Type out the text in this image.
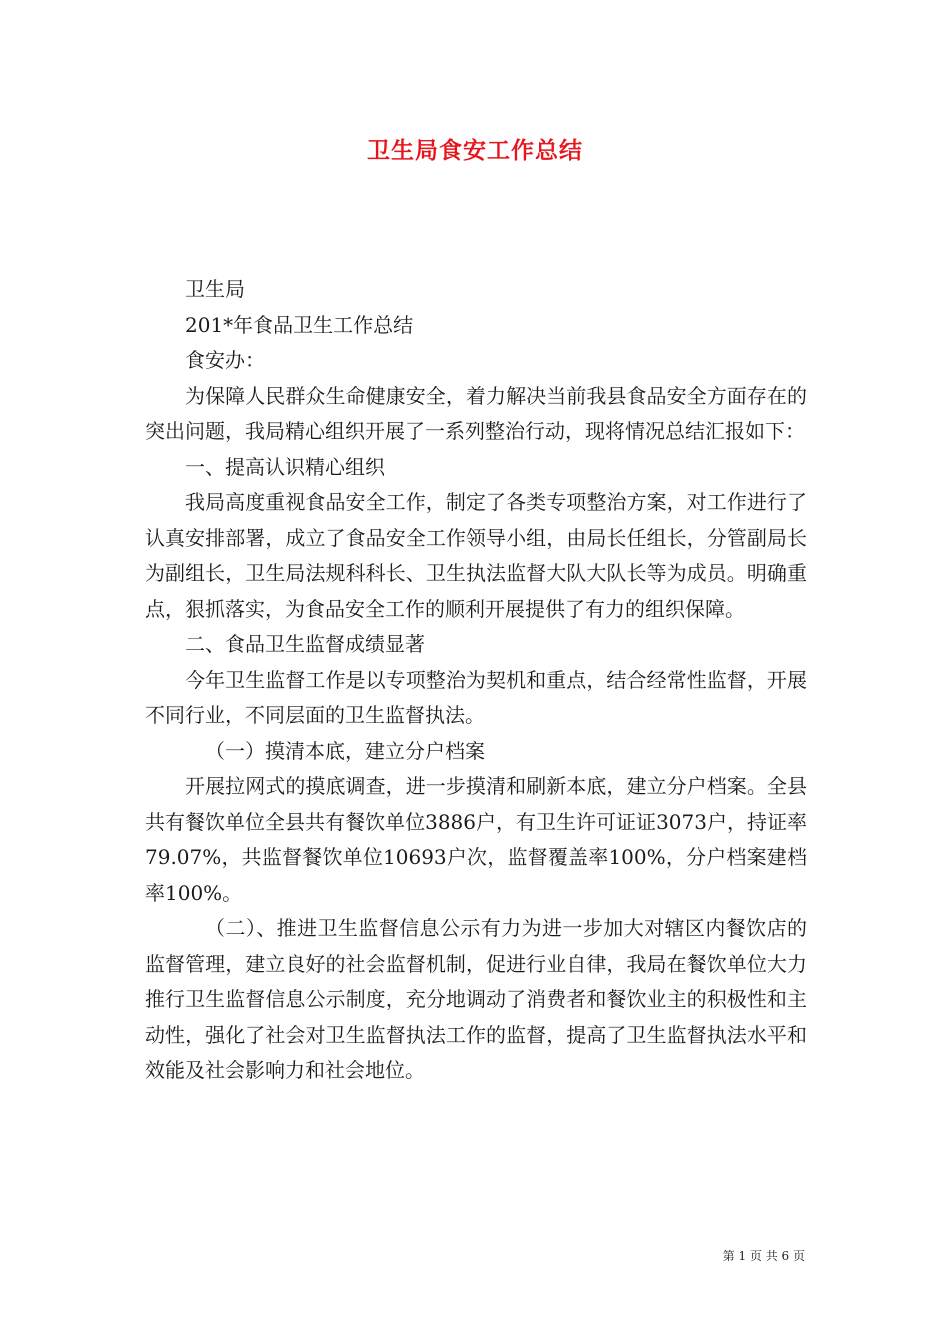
卫生局食安工作总结

卫生局

201*年食品卫生工作总结

食安办：

为保障人民群众生命健康安全，着力解决当前我县食品安全方面存在的突出问题，我局精心组织开展了一系列整治行动，现将情况总结汇报如下：

一、提高认识精心组织

我局高度重视食品安全工作，制定了各类专项整治方案，对工作进行了认真安排部署，成立了食品安全工作领导小组，由局长任组长，分管副局长为副组长，卫生局法规科科长、卫生执法监督大队大队长等为成员。明确重点，狠抓落实，为食品安全工作的顺利开展提供了有力的组织保障。

二、食品卫生监督成绩显著

今年卫生监督工作是以专项整治为契机和重点，结合经常性监督，开展不同行业，不同层面的卫生监督执法。

（一）摸清本底，建立分户档案

开展拉网式的摸底调查，进一步摸清和刷新本底，建立分户档案。全县共有餐饮单位全县共有餐饮单位3886户，有卫生许可证证3073户，持证率79.07%，共监督餐饮单位10693户次，监督覆盖率100%，分户档案建档率100%。

（二）、推进卫生监督信息公示有力为进一步加大对辖区内餐饮店的监督管理，建立良好的社会监督机制，促进行业自律，我局在餐饮单位大力推行卫生监督信息公示制度，充分地调动了消费者和餐饮业主的积极性和主动性，强化了社会对卫生监督执法工作的监督，提高了卫生监督执法水平和效能及社会影响力和社会地位。

第 1 页 共 6 页
